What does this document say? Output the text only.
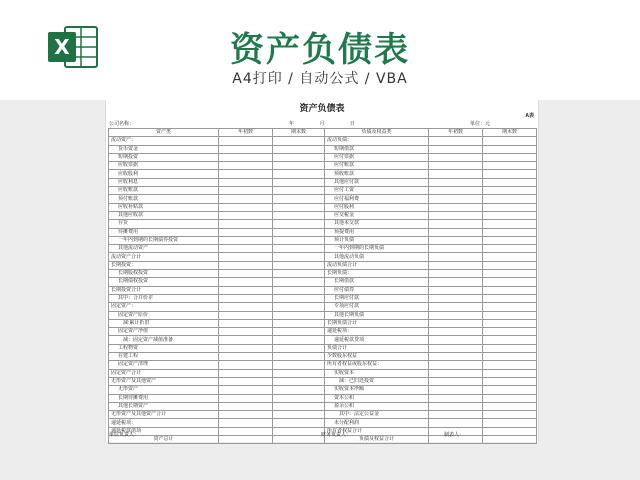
X	资产负债表
A4打印 / 自动公式 / VBA
资产负债表
A表
公司名称：	年	月	日	单位：元
资产类	年初数	期末数	负债及权益类	年初数	期末数
流动资产：			流动负债：		
货币资金			短期借款		
短期投资			应付票据		
应收票据			应付账款		
应收股利			预收账款		
应收利息			其他应付款		
应收账款			应付工资		
预付账款			应付福利费		
应收补贴款			应付股利		
其他应收款			应交税金		
存货			其他未交款		
待摊费用			预提费用		
一年内到期的长期债券投资			预计负债		
其他流动资产			一年内到期的长期负债		
流动资产合计			其他流动负债		
长期投资：			流动负债合计		
长期股权投资			长期负债：		
长期债权投资			长期借款		
长期投资合计			应付债券		
其中：合并价差			长期应付款		
固定资产：			专项应付款		
固定资产原价			其他长期负债		
减:累计折旧			长期负债合计		
固定资产净值			递延税项：		
减：固定资产减值准备			递延税款贷项		
工程物资			负债合计		
在建工程			少数股东权益		
固定资产清理			所有者权益或股东权益：		
固定资产合计			实收资本		
无形资产及其他资产			减：已归还投资		
无形资产			实收资本净额		
长期待摊费用			资本公积		
其他长期资产			盈余公积		
无形资产及其他资产合计			其中：法定公益金		
递延税项：			未分配利润		
递延税款借项			所有者权益合计		
资产总计			负债及权益合计		
单位负责人：	财务负责人：	制表人：
